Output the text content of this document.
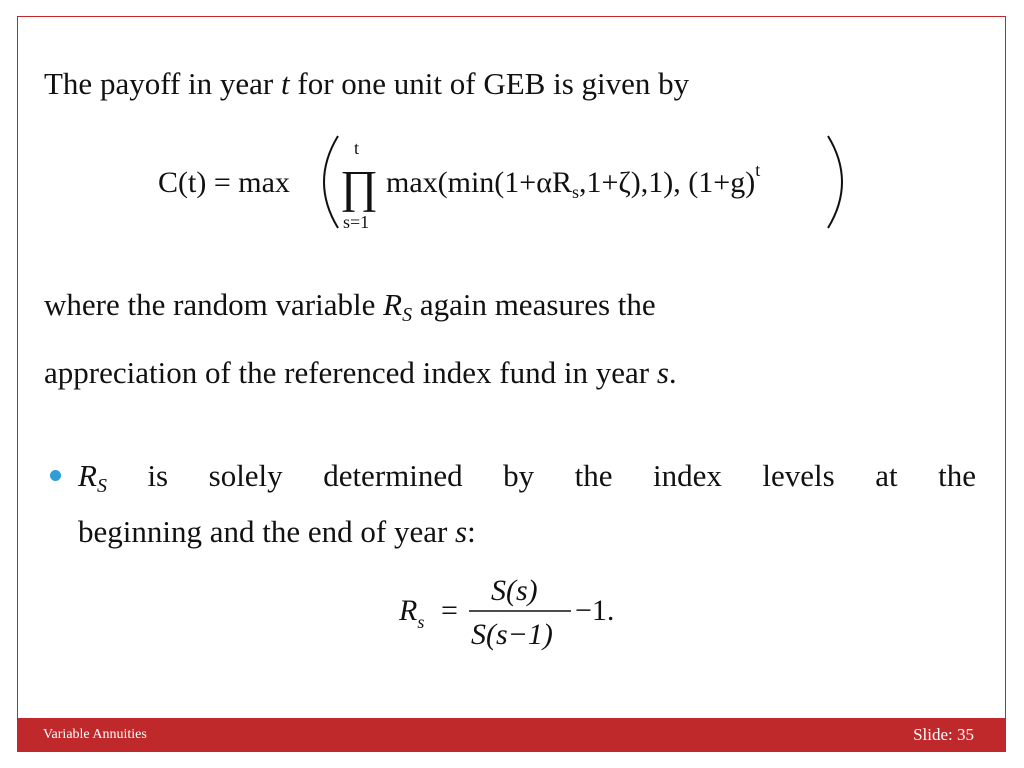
The payoff in year t for one unit of GEB is given by
C(t) = max
t
∏
s=1
$\max(\min(1+\alpha R_s,1+\zeta),1)$, $(1+g)^t$
where the random variable $R_S$ again measures the
appreciation of the referenced index fund in year s.
$R_S$ is solely determined by the index levels at the
beginning and the end of year s:
$R_s$ =
S(s)
S(s−1)
−1.
Variable Annuities	Slide: 35
